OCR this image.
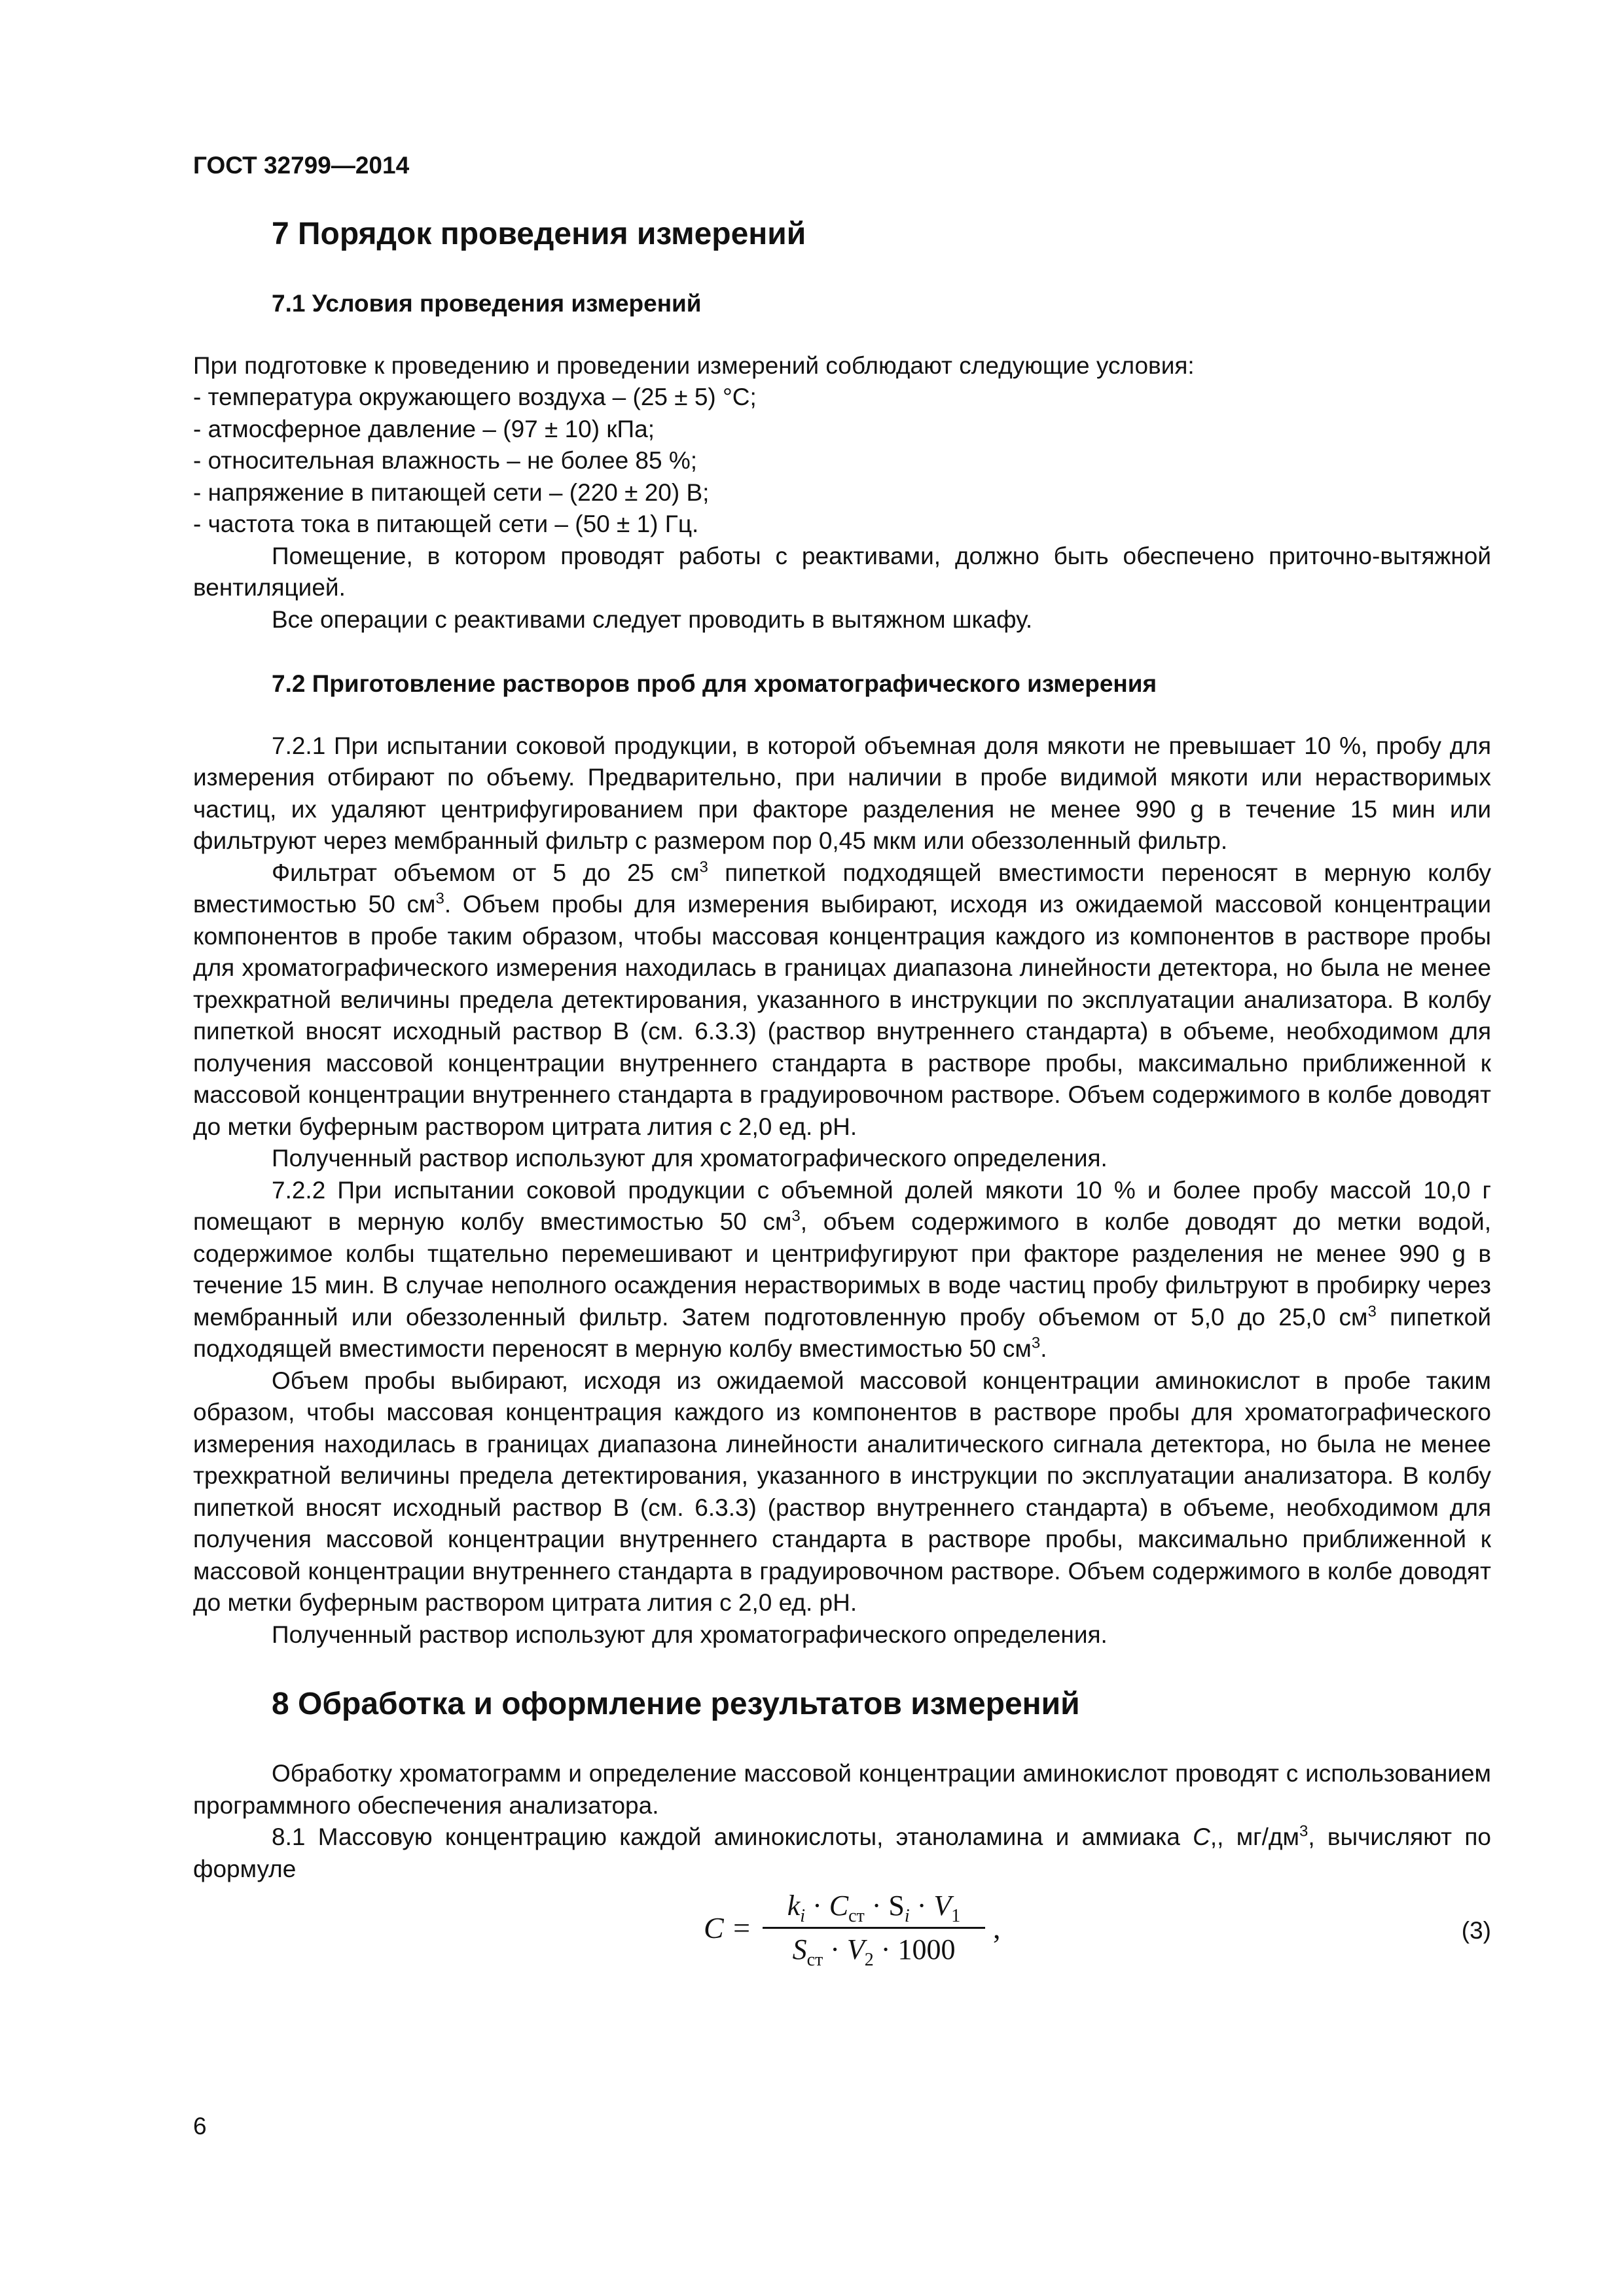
ГОСТ 32799—2014
7 Порядок проведения измерений
7.1 Условия проведения измерений

При подготовке к проведению и проведении измерений соблюдают следующие условия:

- температура окружающего воздуха – (25 ± 5) °С;

- атмосферное давление – (97 ± 10) кПа;

- относительная влажность – не более 85 %;

- напряжение в питающей сети – (220 ± 20) В;

- частота тока в питающей сети – (50 ± 1) Гц.

Помещение, в котором проводят работы с реактивами, должно быть обеспечено приточно-вытяжной вентиляцией.

Все операции с реактивами следует проводить в вытяжном шкафу.

7.2 Приготовление растворов проб для хроматографического измерения

7.2.1 При испытании соковой продукции, в которой объемная доля мякоти не превышает 10 %, пробу для измерения отбирают по объему. Предварительно, при наличии в пробе видимой мякоти или нерастворимых частиц, их удаляют центрифугированием при факторе разделения не менее 990 g в течение 15 мин или фильтруют через мембранный фильтр с размером пор 0,45 мкм или обеззоленный фильтр.

Фильтрат объемом от 5 до 25 $см^3$ пипеткой подходящей вместимости переносят в мерную колбу вместимостью 50 $см^3$. Объем пробы для измерения выбирают, исходя из ожидаемой массовой концентрации компонентов в пробе таким образом, чтобы массовая концентрация каждого из компонентов в растворе пробы для хроматографического измерения находилась в границах диапазона линейности детектора, но была не менее трехкратной величины предела детектирования, указанного в инструкции по эксплуатации анализатора. В колбу пипеткой вносят исходный раствор В (см. 6.3.3) (раствор внутреннего стандарта) в объеме, необходимом для получения массовой концентрации внутреннего стандарта в растворе пробы, максимально приближенной к массовой концентрации внутреннего стандарта в градуировочном растворе. Объем содержимого в колбе доводят до метки буферным раствором цитрата лития с 2,0 ед. рН.

Полученный раствор используют для хроматографического определения.

7.2.2 При испытании соковой продукции с объемной долей мякоти 10 % и более пробу массой 10,0 г помещают в мерную колбу вместимостью 50 $см^3$, объем содержимого в колбе доводят до метки водой, содержимое колбы тщательно перемешивают и центрифугируют при факторе разделения не менее 990 g в течение 15 мин. В случае неполного осаждения нерастворимых в воде частиц пробу фильтруют в пробирку через мембранный или обеззоленный фильтр. Затем подготовленную пробу объемом от 5,0 до 25,0 $см^3$ пипеткой подходящей вместимости переносят в мерную колбу вместимостью 50 $см^3$.

Объем пробы выбирают, исходя из ожидаемой массовой концентрации аминокислот в пробе таким образом, чтобы массовая концентрация каждого из компонентов в растворе пробы для хроматографического измерения находилась в границах диапазона линейности аналитического сигнала детектора, но была не менее трехкратной величины предела детектирования, указанного в инструкции по эксплуатации анализатора. В колбу пипеткой вносят исходный раствор В (см. 6.3.3) (раствор внутреннего стандарта) в объеме, необходимом для получения массовой концентрации внутреннего стандарта в растворе пробы, максимально приближенной к массовой концентрации внутреннего стандарта в градуировочном растворе. Объем содержимого в колбе доводят до метки буферным раствором цитрата лития с 2,0 ед. рН.

Полученный раствор используют для хроматографического определения.

8 Обработка и оформление результатов измерений

Обработку хроматограмм и определение массовой концентрации аминокислот проводят с использованием программного обеспечения анализатора.

8.1 Массовую концентрацию каждой аминокислоты, этаноламина и аммиака C,, $мг/дм^3$, вычисляют по формуле

C =
$k_i \cdot C_{ст} \cdot S_i \cdot V_1$
$S_{ст} \cdot V_2 \cdot 1000$
,	(3)
6
